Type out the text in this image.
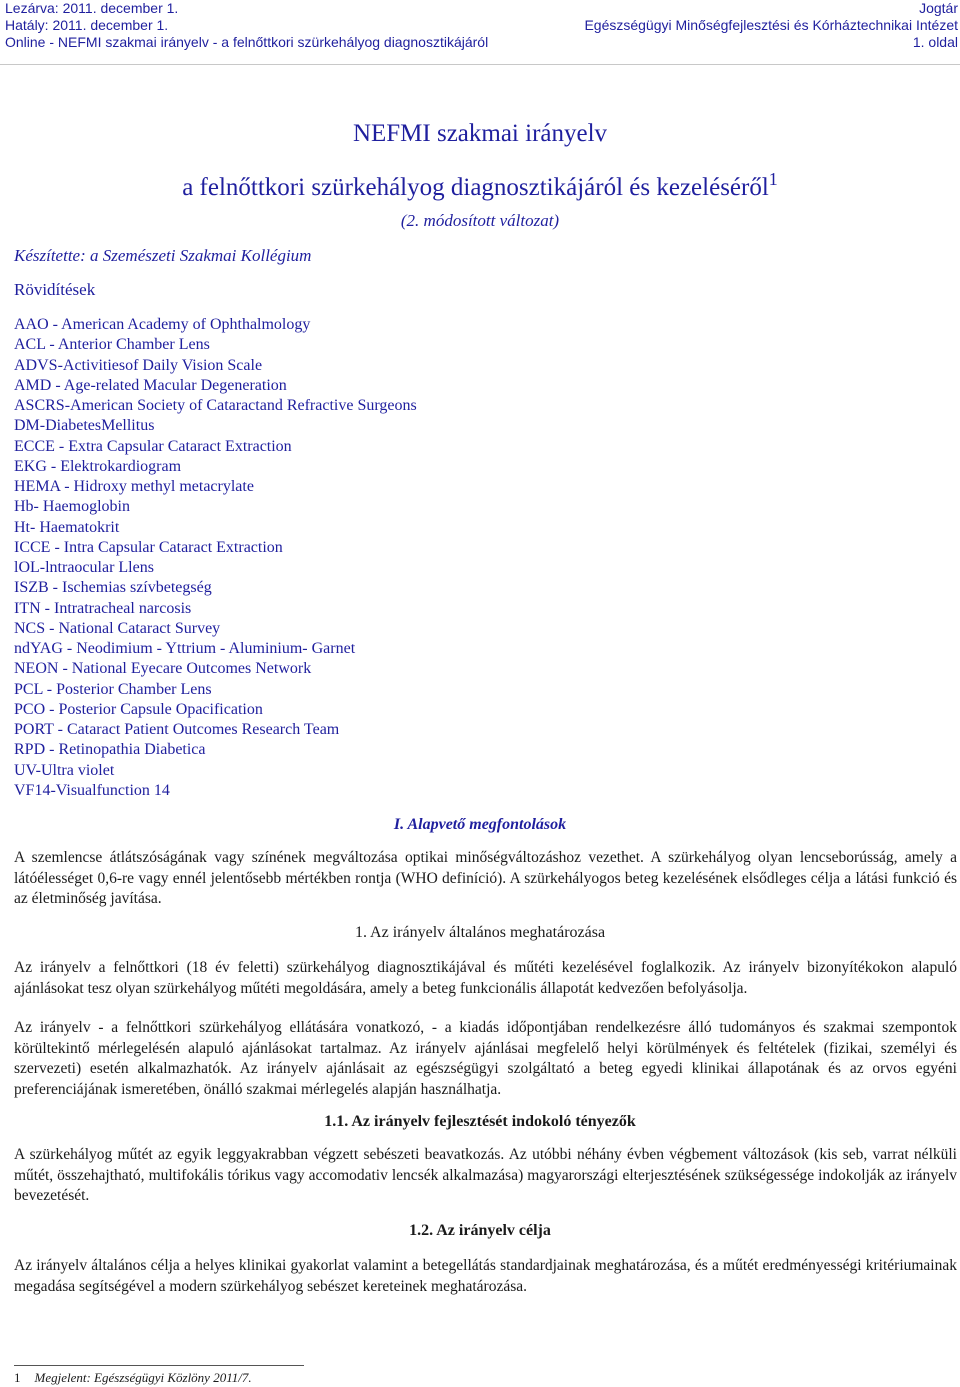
Lezárva: 2011. december 1.
Hatály: 2011. december 1.
Online - NEFMI szakmai irányelv - a felnőttkori szürkehályog diagnosztikájáról
Jogtár
Egészségügyi Minőségfejlesztési és Kórháztechnikai Intézet
1. oldal
NEFMI szakmai irányelv
a felnőttkori szürkehályog diagnosztikájáról és kezeléséről$^1$
(2. módosított változat)
Készítette: a Szemészeti Szakmai Kollégium
Rövidítések
AAO - American Academy of Ophthalmology
ACL - Anterior Chamber Lens
ADVS-Activitiesof Daily Vision Scale
AMD - Age-related Macular Degeneration
ASCRS-American Society of Cataractand Refractive Surgeons
DM-DiabetesMellitus
ECCE - Extra Capsular Cataract Extraction
EKG - Elektrokardiogram
HEMA - Hidroxy methyl metacrylate
Hb- Haemoglobin
Ht- Haematokrit
ICCE - Intra Capsular Cataract Extraction
lOL-lntraocular Llens
ISZB - Ischemias szívbetegség
ITN - Intratracheal narcosis
NCS - National Cataract Survey
ndYAG - Neodimium - Yttrium - Aluminium- Garnet
NEON - National Eyecare Outcomes Network
PCL - Posterior Chamber Lens
PCO - Posterior Capsule Opacification
PORT - Cataract Patient Outcomes Research Team
RPD - Retinopathia Diabetica
UV-Ultra violet
VF14-Visualfunction 14
I. Alapvető megfontolások

A szemlencse átlátszóságának vagy színének megváltozása optikai minőségváltozáshoz vezethet. A szürkehályog olyan lencseborússág, amely a látóélességet 0,6-re vagy ennél jelentősebb mértékben rontja (WHO definíció). A szürkehályogos beteg kezelésének elsődleges célja a látási funkció és az életminőség javítása.

1. Az irányelv általános meghatározása

Az irányelv a felnőttkori (18 év feletti) szürkehályog diagnosztikájával és műtéti kezelésével foglalkozik. Az irányelv bizonyítékokon alapuló ajánlásokat tesz olyan szürkehályog műtéti megoldására, amely a beteg funkcionális állapotát kedvezően befolyásolja.

Az irányelv - a felnőttkori szürkehályog ellátására vonatkozó, - a kiadás időpontjában rendelkezésre álló tudományos és szakmai szempontok körültekintő mérlegelésén alapuló ajánlásokat tartalmaz. Az irányelv ajánlásai megfelelő helyi körülmények és feltételek (fizikai, személyi és szervezeti) esetén alkalmazhatók. Az irányelv ajánlásait az egészségügyi szolgáltató a beteg egyedi klinikai állapotának és az orvos egyéni preferenciájának ismeretében, önálló szakmai mérlegelés alapján használhatja.

1.1. Az irányelv fejlesztését indokoló tényezők

A szürkehályog műtét az egyik leggyakrabban végzett sebészeti beavatkozás. Az utóbbi néhány évben végbement változások (kis seb, varrat nélküli műtét, összehajtható, multifokális tórikus vagy accomodativ lencsék alkalmazása) magyarországi elterjesztésének szükségessége indokolják az irányelv bevezetését.

1.2. Az irányelv célja

Az irányelv általános célja a helyes klinikai gyakorlat valamint a betegellátás standardjainak meghatározása, és a műtét eredményességi kritériumainak megadása segítségével a modern szürkehályog sebészet kereteinek meghatározása.

1 Megjelent: Egészségügyi Közlöny 2011/7.
